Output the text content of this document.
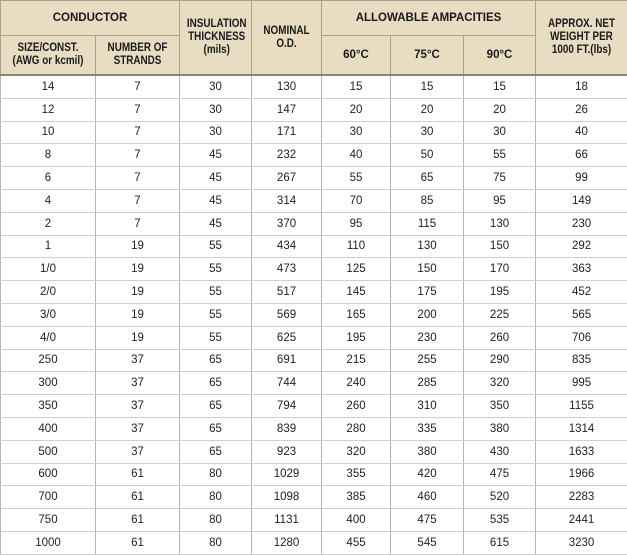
CONDUCTOR		INSULATION THICKNESS (mils)	NOMINAL O.D.	ALLOWABLE AMPACITIES			APPROX. NET WEIGHT PER 1000 FT.(lbs)
SIZE/CONST. (AWG or kcmil)	NUMBER OF STRANDS			60°C	75°C	90°C	
14	7	30	130	15	15	15	18
12	7	30	147	20	20	20	26
10	7	30	171	30	30	30	40
8	7	45	232	40	50	55	66
6	7	45	267	55	65	75	99
4	7	45	314	70	85	95	149
2	7	45	370	95	115	130	230
1	19	55	434	110	130	150	292
1/0	19	55	473	125	150	170	363
2/0	19	55	517	145	175	195	452
3/0	19	55	569	165	200	225	565
4/0	19	55	625	195	230	260	706
250	37	65	691	215	255	290	835
300	37	65	744	240	285	320	995
350	37	65	794	260	310	350	1155
400	37	65	839	280	335	380	1314
500	37	65	923	320	380	430	1633
600	61	80	1029	355	420	475	1966
700	61	80	1098	385	460	520	2283
750	61	80	1131	400	475	535	2441
1000	61	80	1280	455	545	615	3230
